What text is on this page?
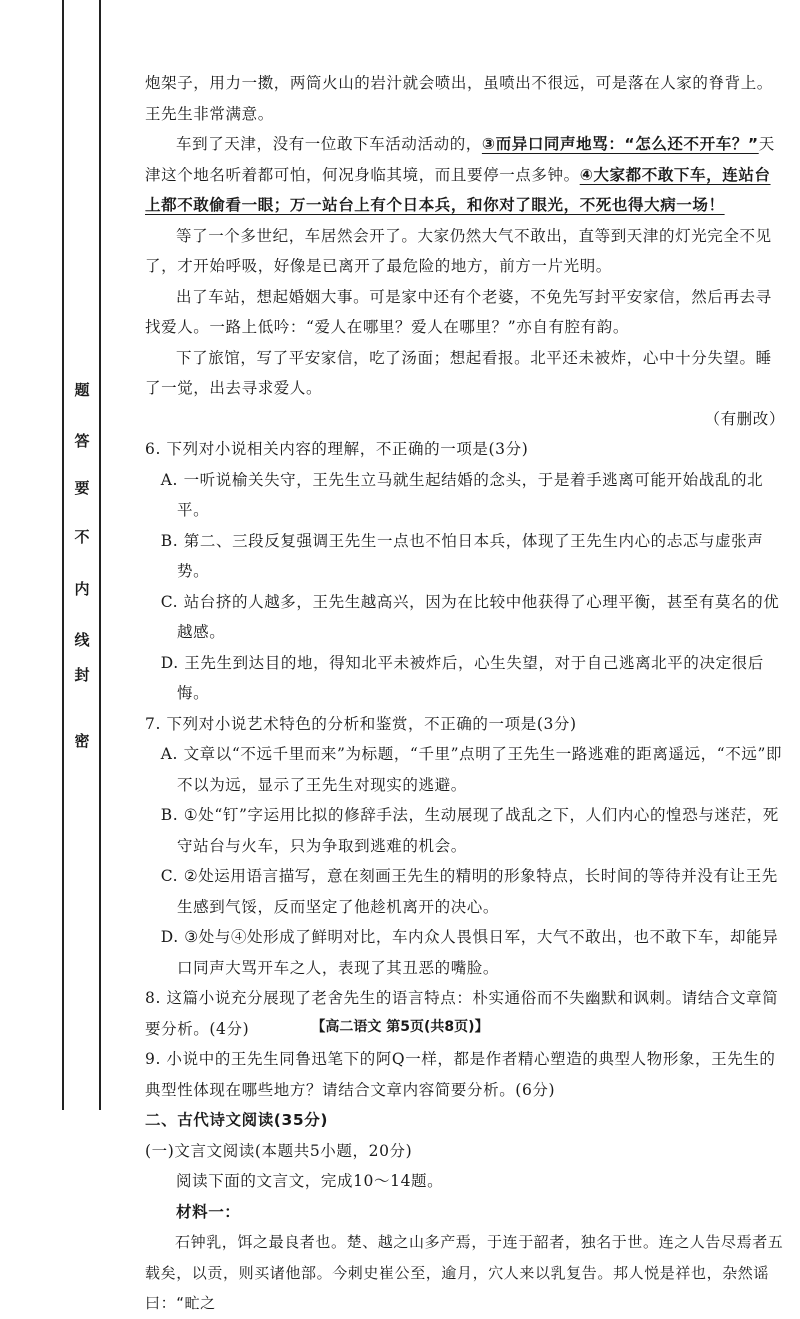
密
封
线
内
不
要
答
题

炮架子，用力一擞，两筒火山的岩汁就会喷出，虽喷出不很远，可是落在人家的脊背上。王先生非常满意。

车到了天津，没有一位敢下车活动活动的，③而异口同声地骂：“怎么还不开车？”天津这个地名听着都可怕，何况身临其境，而且要停一点多钟。④大家都不敢下车，连站台上都不敢偷看一眼；万一站台上有个日本兵，和你对了眼光，不死也得大病一场！

等了一个多世纪，车居然会开了。大家仍然大气不敢出，直等到天津的灯光完全不见了，才开始呼吸，好像是已离开了最危险的地方，前方一片光明。

出了车站，想起婚姻大事。可是家中还有个老婆，不免先写封平安家信，然后再去寻找爱人。一路上低吟：“爱人在哪里？爱人在哪里？”亦自有腔有韵。

下了旅馆，写了平安家信，吃了汤面；想起看报。北平还未被炸，心中十分失望。睡了一觉，出去寻求爱人。

（有删改）

6. 下列对小说相关内容的理解，不正确的一项是(3分)

A. 一听说榆关失守，王先生立马就生起结婚的念头，于是着手逃离可能开始战乱的北平。

B. 第二、三段反复强调王先生一点也不怕日本兵，体现了王先生内心的忐忑与虚张声势。

C. 站台挤的人越多，王先生越高兴，因为在比较中他获得了心理平衡，甚至有莫名的优越感。

D. 王先生到达目的地，得知北平未被炸后，心生失望，对于自己逃离北平的决定很后悔。

7. 下列对小说艺术特色的分析和鉴赏，不正确的一项是(3分)

A. 文章以“不远千里而来”为标题，“千里”点明了王先生一路逃难的距离遥远，“不远”即不以为远，显示了王先生对现实的逃避。

B. ①处“钉”字运用比拟的修辞手法，生动展现了战乱之下，人们内心的惶恐与迷茫，死守站台与火车，只为争取到逃难的机会。

C. ②处运用语言描写，意在刻画王先生的精明的形象特点，长时间的等待并没有让王先生感到气馁，反而坚定了他趁机离开的决心。

D. ③处与④处形成了鲜明对比，车内众人畏惧日军，大气不敢出，也不敢下车，却能异口同声大骂开车之人，表现了其丑恶的嘴脸。

8. 这篇小说充分展现了老舍先生的语言特点：朴实通俗而不失幽默和讽刺。请结合文章简要分析。(4分)

9. 小说中的王先生同鲁迅笔下的阿Q一样，都是作者精心塑造的典型人物形象，王先生的典型性体现在哪些地方？请结合文章内容简要分析。(6分)

二、古代诗文阅读(35分)

(一)文言文阅读(本题共5小题，20分)

阅读下面的文言文，完成10～14题。

材料一：

石钟乳，饵之最良者也。楚、越之山多产焉，于连于韶者，独名于世。连之人告尽焉者五载矣，以贡，则买诸他部。今刺史崔公至，逾月，穴人来以乳复告。邦人悦是祥也，杂然谣曰：“甿之

【高二语文 第5页(共8页)】
